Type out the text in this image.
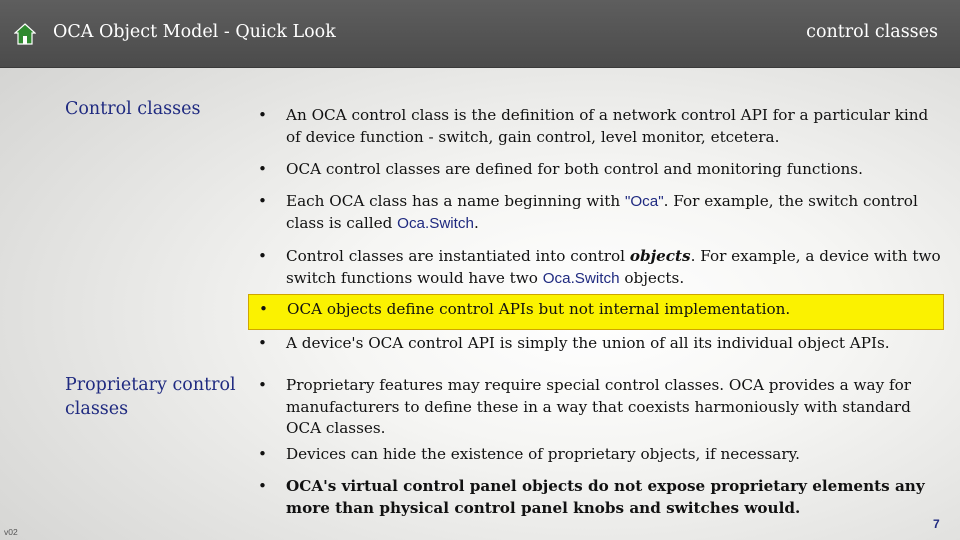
OCA Object Model - Quick Look	control classes
Control classes	•	An OCA control class is the definition of a network control API for a particular kind of device function - switch, gain control, level monitor, etcetera.
•	OCA control classes are defined for both control and monitoring functions.
•	Each OCA class has a name beginning with "Oca". For example, the switch control class is called Oca.Switch.
•	Control classes are instantiated into control objects. For example, a device with two switch functions would have two Oca.Switch objects.
•	OCA objects define control APIs but not internal implementation.
•	A device's OCA control API is simply the union of all its individual object APIs.
Proprietary control classes
•	Proprietary features may require special control classes. OCA provides a way for manufacturers to define these in a way that coexists harmoniously with standard OCA classes.
•	Devices can hide the existence of proprietary objects, if necessary.
•	OCA's virtual control panel objects do not expose proprietary elements any more than physical control panel knobs and switches would.
v02
7
